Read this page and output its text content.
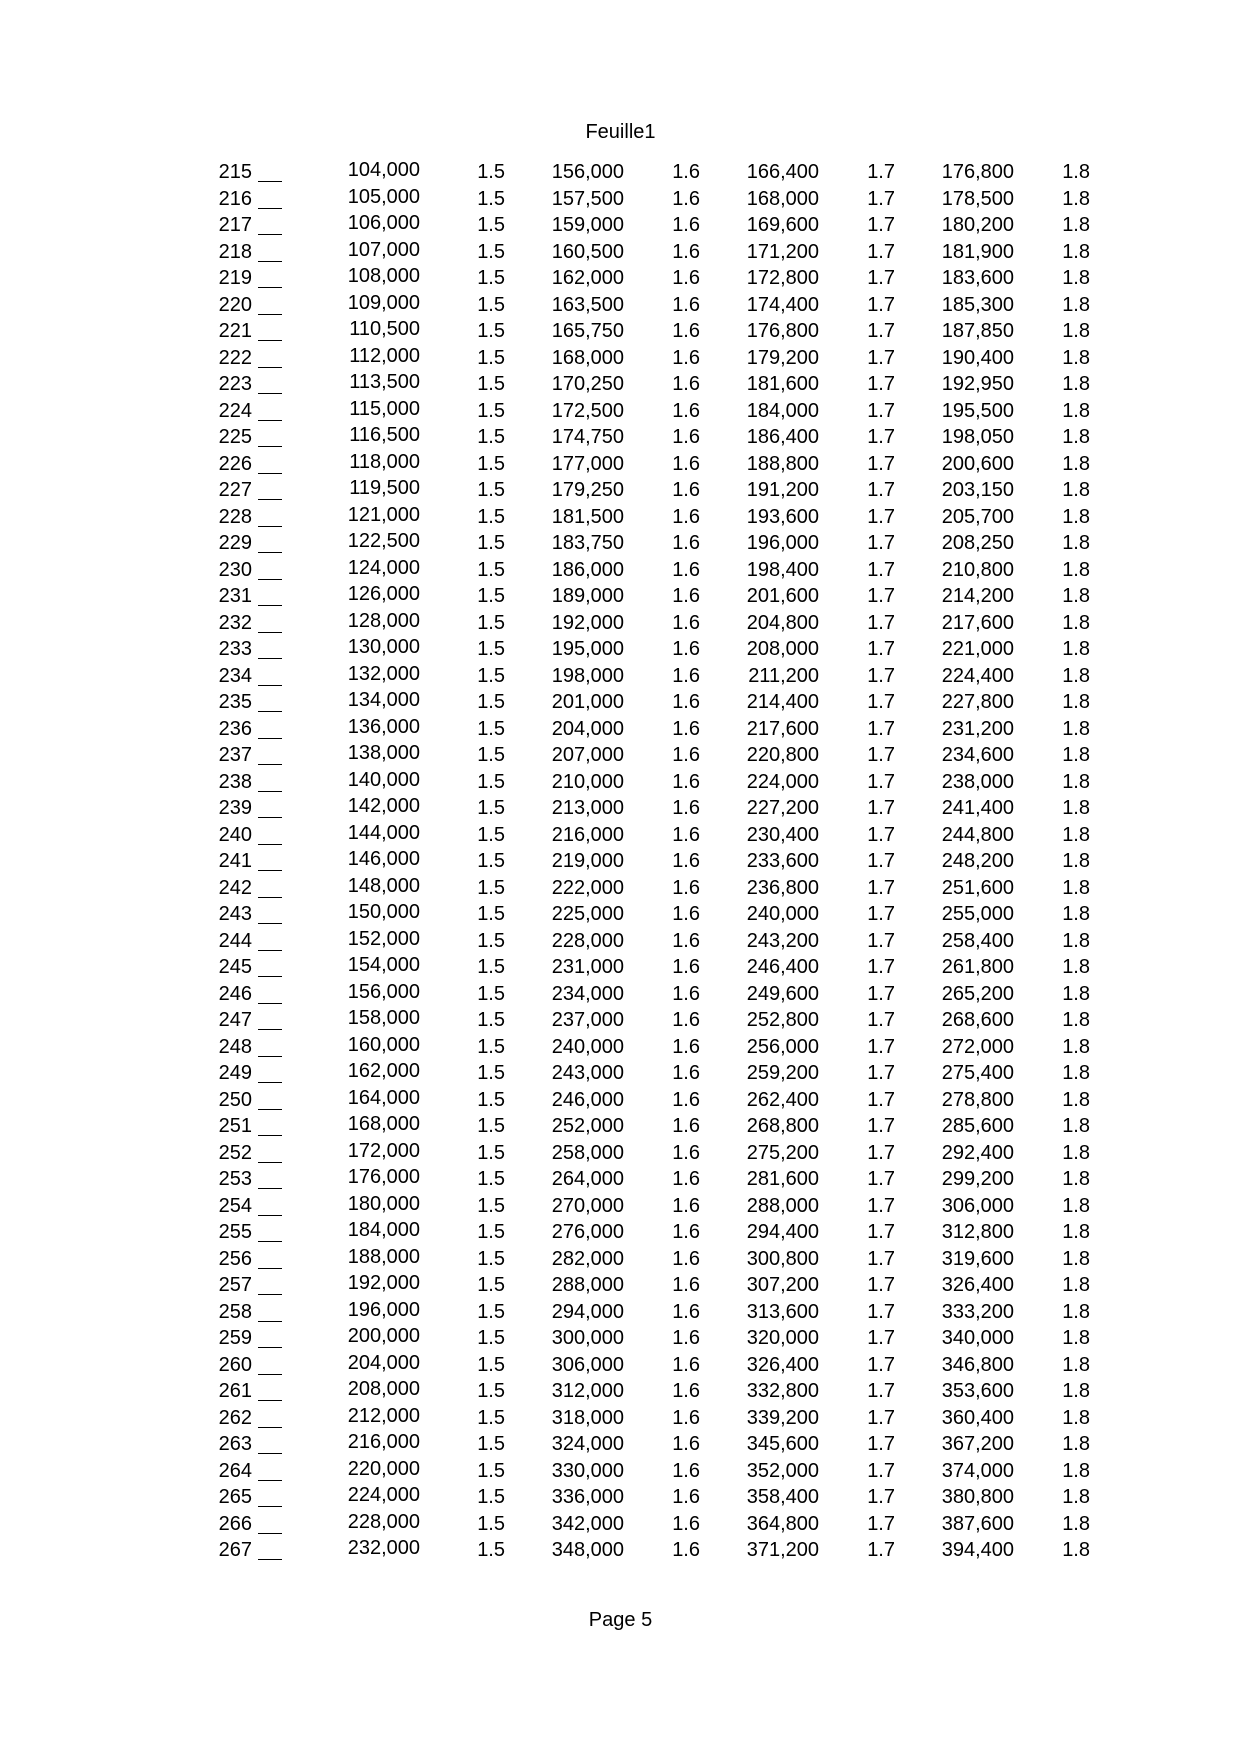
Feuille1
215	104,000	1.5	156,000	1.6	166,400	1.7	176,800	1.8
216	105,000	1.5	157,500	1.6	168,000	1.7	178,500	1.8
217	106,000	1.5	159,000	1.6	169,600	1.7	180,200	1.8
218	107,000	1.5	160,500	1.6	171,200	1.7	181,900	1.8
219	108,000	1.5	162,000	1.6	172,800	1.7	183,600	1.8
220	109,000	1.5	163,500	1.6	174,400	1.7	185,300	1.8
221	110,500	1.5	165,750	1.6	176,800	1.7	187,850	1.8
222	112,000	1.5	168,000	1.6	179,200	1.7	190,400	1.8
223	113,500	1.5	170,250	1.6	181,600	1.7	192,950	1.8
224	115,000	1.5	172,500	1.6	184,000	1.7	195,500	1.8
225	116,500	1.5	174,750	1.6	186,400	1.7	198,050	1.8
226	118,000	1.5	177,000	1.6	188,800	1.7	200,600	1.8
227	119,500	1.5	179,250	1.6	191,200	1.7	203,150	1.8
228	121,000	1.5	181,500	1.6	193,600	1.7	205,700	1.8
229	122,500	1.5	183,750	1.6	196,000	1.7	208,250	1.8
230	124,000	1.5	186,000	1.6	198,400	1.7	210,800	1.8
231	126,000	1.5	189,000	1.6	201,600	1.7	214,200	1.8
232	128,000	1.5	192,000	1.6	204,800	1.7	217,600	1.8
233	130,000	1.5	195,000	1.6	208,000	1.7	221,000	1.8
234	132,000	1.5	198,000	1.6	211,200	1.7	224,400	1.8
235	134,000	1.5	201,000	1.6	214,400	1.7	227,800	1.8
236	136,000	1.5	204,000	1.6	217,600	1.7	231,200	1.8
237	138,000	1.5	207,000	1.6	220,800	1.7	234,600	1.8
238	140,000	1.5	210,000	1.6	224,000	1.7	238,000	1.8
239	142,000	1.5	213,000	1.6	227,200	1.7	241,400	1.8
240	144,000	1.5	216,000	1.6	230,400	1.7	244,800	1.8
241	146,000	1.5	219,000	1.6	233,600	1.7	248,200	1.8
242	148,000	1.5	222,000	1.6	236,800	1.7	251,600	1.8
243	150,000	1.5	225,000	1.6	240,000	1.7	255,000	1.8
244	152,000	1.5	228,000	1.6	243,200	1.7	258,400	1.8
245	154,000	1.5	231,000	1.6	246,400	1.7	261,800	1.8
246	156,000	1.5	234,000	1.6	249,600	1.7	265,200	1.8
247	158,000	1.5	237,000	1.6	252,800	1.7	268,600	1.8
248	160,000	1.5	240,000	1.6	256,000	1.7	272,000	1.8
249	162,000	1.5	243,000	1.6	259,200	1.7	275,400	1.8
250	164,000	1.5	246,000	1.6	262,400	1.7	278,800	1.8
251	168,000	1.5	252,000	1.6	268,800	1.7	285,600	1.8
252	172,000	1.5	258,000	1.6	275,200	1.7	292,400	1.8
253	176,000	1.5	264,000	1.6	281,600	1.7	299,200	1.8
254	180,000	1.5	270,000	1.6	288,000	1.7	306,000	1.8
255	184,000	1.5	276,000	1.6	294,400	1.7	312,800	1.8
256	188,000	1.5	282,000	1.6	300,800	1.7	319,600	1.8
257	192,000	1.5	288,000	1.6	307,200	1.7	326,400	1.8
258	196,000	1.5	294,000	1.6	313,600	1.7	333,200	1.8
259	200,000	1.5	300,000	1.6	320,000	1.7	340,000	1.8
260	204,000	1.5	306,000	1.6	326,400	1.7	346,800	1.8
261	208,000	1.5	312,000	1.6	332,800	1.7	353,600	1.8
262	212,000	1.5	318,000	1.6	339,200	1.7	360,400	1.8
263	216,000	1.5	324,000	1.6	345,600	1.7	367,200	1.8
264	220,000	1.5	330,000	1.6	352,000	1.7	374,000	1.8
265	224,000	1.5	336,000	1.6	358,400	1.7	380,800	1.8
266	228,000	1.5	342,000	1.6	364,800	1.7	387,600	1.8
267	232,000	1.5	348,000	1.6	371,200	1.7	394,400	1.8
Page 5
